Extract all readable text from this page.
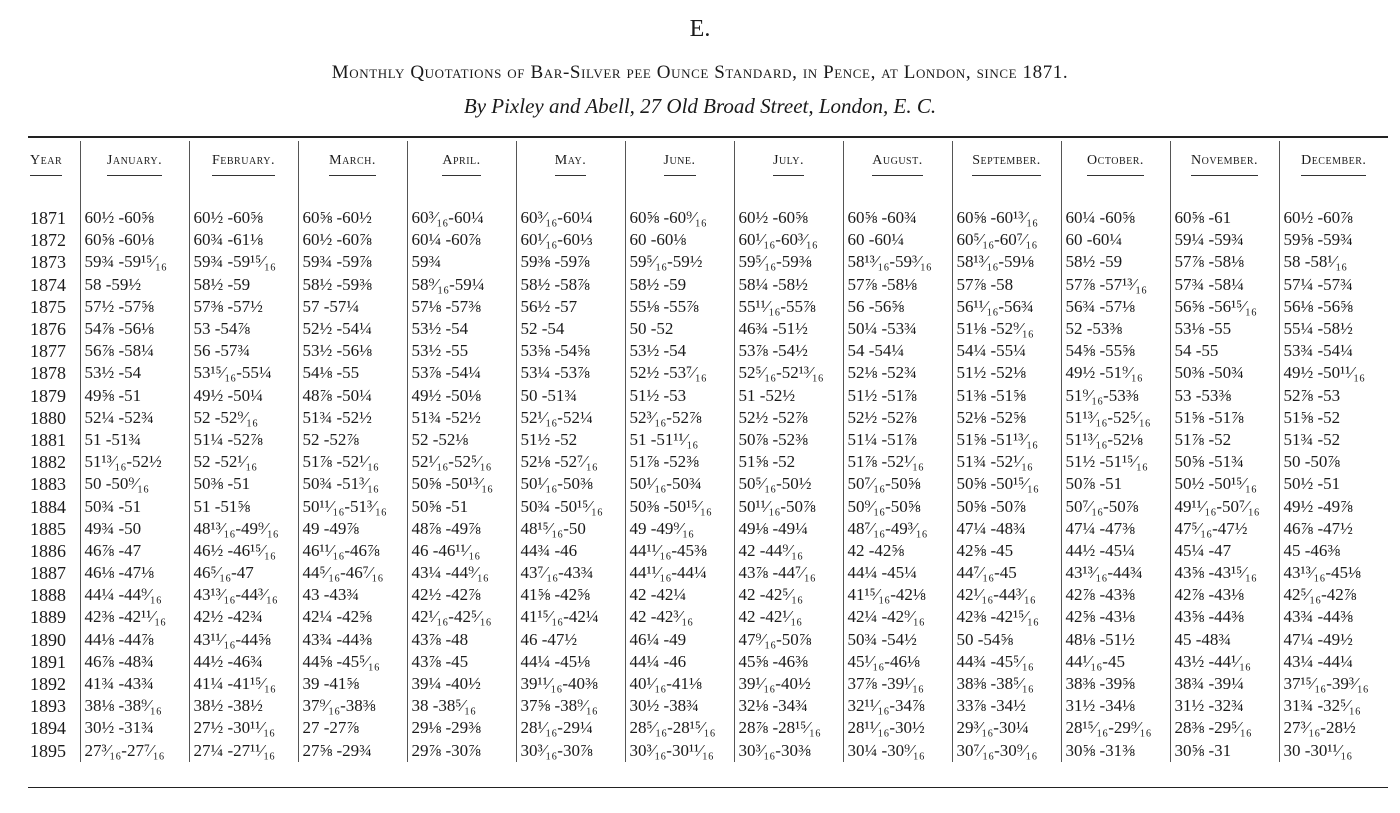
E.
Monthly Quotations of Bar-Silver pee Ounce Standard, in Pence, at London, since 1871.
By Pixley and Abell, 27 Old Broad Street, London, E. C.
Year	January.	February.	March.	April.	May.	June.	July.	August.	September.	October.	November.	December.
1871	60½ -60⅝	60½ -60⅝	60⅝ -60½	60³⁄₁₆-60¼	60³⁄₁₆-60¼	60⅝ -60⁹⁄₁₆	60½ -60⅝	60⅝ -60¾	60⅝ -60¹³⁄₁₆	60¼ -60⅝	60⅝ -61	60½ -60⅞
1872	60⅝ -60⅛	60¾ -61⅛	60½ -60⅞	60¼ -60⅞	60¹⁄₁₆-60⅓	60 -60⅛	60¹⁄₁₆-60³⁄₁₆	60 -60¼	60⁵⁄₁₆-60⁷⁄₁₆	60 -60¼	59¼ -59¾	59⅝ -59¾
1873	59¾ -59¹⁵⁄₁₆	59¾ -59¹⁵⁄₁₆	59¾ -59⅞	59¾	59⅜ -59⅞	59⁵⁄₁₆-59½	59⁵⁄₁₆-59⅜	58¹³⁄₁₆-59³⁄₁₆	58¹³⁄₁₆-59⅛	58½ -59	57⅞ -58⅛	58 -58¹⁄₁₆
1874	58 -59½	58½ -59	58½ -59⅜	58⁹⁄₁₆-59¼	58½ -58⅞	58½ -59	58¼ -58½	57⅞ -58⅛	57⅞ -58	57⅞ -57¹³⁄₁₆	57¾ -58¼	57¼ -57¾
1875	57½ -57⅝	57⅜ -57½	57 -57¼	57⅛ -57⅜	56½ -57	55⅛ -55⅞	55¹¹⁄₁₆-55⅞	56 -56⅝	56¹¹⁄₁₆-56¾	56¾ -57⅛	56⅝ -56¹⁵⁄₁₆	56⅛ -56⅝
1876	54⅞ -56⅛	53 -54⅞	52½ -54¼	53½ -54	52 -54	50 -52	46¾ -51½	50¼ -53¾	51⅛ -52⁹⁄₁₆	52 -53⅜	53⅛ -55	55¼ -58½
1877	56⅞ -58¼	56 -57¾	53½ -56⅛	53½ -55	53⅝ -54⅝	53½ -54	53⅞ -54½	54 -54¼	54¼ -55¼	54⅝ -55⅝	54 -55	53¾ -54¼
1878	53½ -54	53¹⁵⁄₁₆-55¼	54⅛ -55	53⅞ -54¼	53¼ -53⅞	52½ -53⁷⁄₁₆	52⁵⁄₁₆-52¹³⁄₁₆	52⅛ -52¾	51½ -52⅛	49½ -51⁹⁄₁₆	50⅜ -50¾	49½ -50¹¹⁄₁₆
1879	49⅝ -51	49½ -50¼	48⅞ -50¼	49½ -50⅛	50 -51¾	51½ -53	51 -52½	51½ -51⅞	51⅜ -51⅝	51⁹⁄₁₆-53⅜	53 -53⅜	52⅞ -53
1880	52¼ -52¾	52 -52⁹⁄₁₆	51¾ -52½	51¾ -52½	52¹⁄₁₆-52¼	52³⁄₁₆-52⅞	52½ -52⅞	52½ -52⅞	52⅛ -52⅝	51¹³⁄₁₆-52⁵⁄₁₆	51⅝ -51⅞	51⅝ -52
1881	51 -51¾	51¼ -52⅞	52 -52⅞	52 -52⅛	51½ -52	51 -51¹¹⁄₁₆	50⅞ -52⅜	51¼ -51⅞	51⅝ -51¹³⁄₁₆	51¹³⁄₁₆-52⅛	51⅞ -52	51¾ -52
1882	51¹³⁄₁₆-52½	52 -52¹⁄₁₆	51⅞ -52¹⁄₁₆	52¹⁄₁₆-52⁵⁄₁₆	52⅛ -52⁷⁄₁₆	51⅞ -52⅜	51⅝ -52	51⅞ -52¹⁄₁₆	51¾ -52¹⁄₁₆	51½ -51¹⁵⁄₁₆	50⅝ -51¾	50 -50⅞
1883	50 -50⁹⁄₁₆	50⅜ -51	50¾ -51³⁄₁₆	50⅝ -50¹³⁄₁₆	50¹⁄₁₆-50⅜	50¹⁄₁₆-50¾	50⁵⁄₁₆-50½	50⁷⁄₁₆-50⅝	50⅝ -50¹⁵⁄₁₆	50⅞ -51	50½ -50¹⁵⁄₁₆	50½ -51
1884	50¾ -51	51 -51⅝	50¹¹⁄₁₆-51³⁄₁₆	50⅝ -51	50¾ -50¹⁵⁄₁₆	50⅜ -50¹⁵⁄₁₆	50¹¹⁄₁₆-50⅞	50⁹⁄₁₆-50⅝	50⅝ -50⅞	50⁷⁄₁₆-50⅞	49¹¹⁄₁₆-50⁷⁄₁₆	49½ -49⅞
1885	49¾ -50	48¹³⁄₁₆-49⁹⁄₁₆	49 -49⅞	48⅞ -49⅞	48¹⁵⁄₁₆-50	49 -49⁹⁄₁₆	49⅛ -49¼	48⁷⁄₁₆-49³⁄₁₆	47¼ -48¾	47¼ -47⅜	47⁵⁄₁₆-47½	46⅞ -47½
1886	46⅞ -47	46½ -46¹⁵⁄₁₆	46¹¹⁄₁₆-46⅞	46 -46¹¹⁄₁₆	44¾ -46	44¹¹⁄₁₆-45⅜	42 -44⁹⁄₁₆	42 -42⅝	42⅝ -45	44½ -45¼	45¼ -47	45 -46⅜
1887	46⅛ -47⅛	46⁵⁄₁₆-47	44⁵⁄₁₆-46⁷⁄₁₆	43¼ -44⁹⁄₁₆	43⁷⁄₁₆-43¾	44¹¹⁄₁₆-44¼	43⅞ -44⁷⁄₁₆	44¼ -45¼	44⁷⁄₁₆-45	43¹³⁄₁₆-44¾	43⅝ -43¹⁵⁄₁₆	43¹³⁄₁₆-45⅛
1888	44¼ -44⁹⁄₁₆	43¹³⁄₁₆-44³⁄₁₆	43 -43¾	42½ -42⅞	41⅝ -42⅝	42 -42¼	42 -42⁵⁄₁₆	41¹⁵⁄₁₆-42⅛	42¹⁄₁₆-44³⁄₁₆	42⅞ -43⅜	42⅞ -43⅛	42⁵⁄₁₆-42⅞
1889	42⅜ -42¹¹⁄₁₆	42½ -42¾	42¼ -42⅝	42¹⁄₁₆-42⁵⁄₁₆	41¹⁵⁄₁₆-42¼	42 -42³⁄₁₆	42 -42¹⁄₁₆	42¼ -42⁹⁄₁₆	42⅜ -42¹⁵⁄₁₆	42⅝ -43⅛	43⅝ -44⅜	43¾ -44⅜
1890	44⅛ -44⅞	43¹¹⁄₁₆-44⅝	43¾ -44⅜	43⅞ -48	46 -47½	46¼ -49	47⁹⁄₁₆-50⅞	50¾ -54½	50 -54⅝	48⅛ -51½	45 -48¾	47¼ -49½
1891	46⅞ -48¾	44½ -46¾	44⅝ -45⁵⁄₁₆	43⅞ -45	44¼ -45⅛	44¼ -46	45⅝ -46⅜	45¹⁄₁₆-46⅛	44¾ -45⁵⁄₁₆	44¹⁄₁₆-45	43½ -44¹⁄₁₆	43¼ -44¼
1892	41¾ -43¾	41¼ -41¹⁵⁄₁₆	39 -41⅝	39¼ -40½	39¹¹⁄₁₆-40⅜	40¹⁄₁₆-41⅛	39¹⁄₁₆-40½	37⅞ -39¹⁄₁₆	38⅜ -38⁵⁄₁₆	38⅜ -39⅝	38¾ -39¼	37¹⁵⁄₁₆-39³⁄₁₆
1893	38⅛ -38⁹⁄₁₆	38½ -38½	37⁹⁄₁₆-38⅜	38 -38⁵⁄₁₆	37⅝ -38⁹⁄₁₆	30½ -38¾	32⅛ -34¾	32¹¹⁄₁₆-34⅞	33⅞ -34½	31½ -34⅛	31½ -32¾	31¾ -32⁵⁄₁₆
1894	30½ -31¾	27½ -30¹¹⁄₁₆	27 -27⅞	29⅛ -29⅜	28¹⁄₁₆-29¼	28⁵⁄₁₆-28¹⁵⁄₁₆	28⅞ -28¹⁵⁄₁₆	28¹¹⁄₁₆-30½	29³⁄₁₆-30¼	28¹⁵⁄₁₆-29⁹⁄₁₆	28⅜ -29⁵⁄₁₆	27³⁄₁₆-28½
1895	27³⁄₁₆-27⁷⁄₁₆	27¼ -27¹¹⁄₁₆	27⅝ -29¾	29⅞ -30⅞	30³⁄₁₆-30⅞	30³⁄₁₆-30¹¹⁄₁₆	30³⁄₁₆-30⅜	30¼ -30⁹⁄₁₆	30⁷⁄₁₆-30⁹⁄₁₆	30⅝ -31⅜	30⅝ -31	30 -30¹¹⁄₁₆
